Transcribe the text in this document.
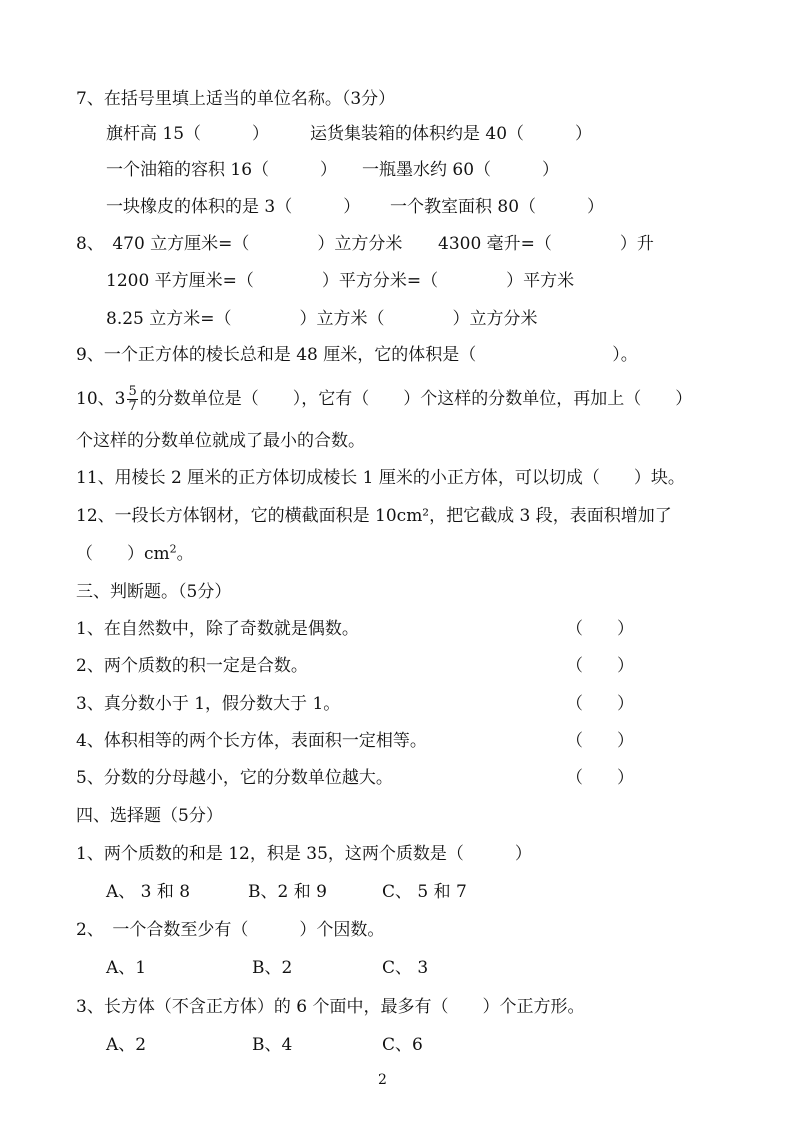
7、在括号里填上适当的单位名称。（3分）
旗杆高 15（　　　） 运货集装箱的体积约是 40（　　　）
一个油箱的容积 16（　　　） 一瓶墨水约 60（　　　）
一块橡皮的体积的是 3（　　　） 一个教室面积 80（　　　）
8、　470 立方厘米=（　　　　）立方分米 4300 毫升=（　　　　）升
1200 平方厘米=（　　　　）平方分米=（　　　　）平方米
8.25 立方米=（　　　　）立方米（　　　　）立方分米
9、一个正方体的棱长总和是 48 厘米，它的体积是（　　　　　　　　）。
10、$3 \frac{5}{7}$ 的分数单位是（　　），它有（　　）个这样的分数单位，再加上（　　）
个这样的分数单位就成了最小的合数。
11、用棱长 2 厘米的正方体切成棱长 1 厘米的小正方体，可以切成（　　）块。
12、一段长方体钢材，它的横截面积是 10cm²，把它截成 3 段，表面积增加了
（　　）$cm^2$。
三、判断题。（5分）
1、在自然数中，除了奇数就是偶数。	（　　）
2、两个质数的积一定是合数。	（　　）
3、真分数小于 1，假分数大于 1。	（　　）
4、体积相等的两个长方体，表面积一定相等。	（　　）
5、分数的分母越小，它的分数单位越大。	（　　）
四、选择题（5分）
1、两个质数的和是 12，积是 35，这两个质数是（　　　）
A、 3 和 8	B、2 和 9	C、 5 和 7
2、　一个合数至少有（　　　）个因数。
A、1	B、2	C、 3
3、长方体（不含正方体）的 6 个面中，最多有（　　）个正方形。
A、2	B、4	C、6
2
